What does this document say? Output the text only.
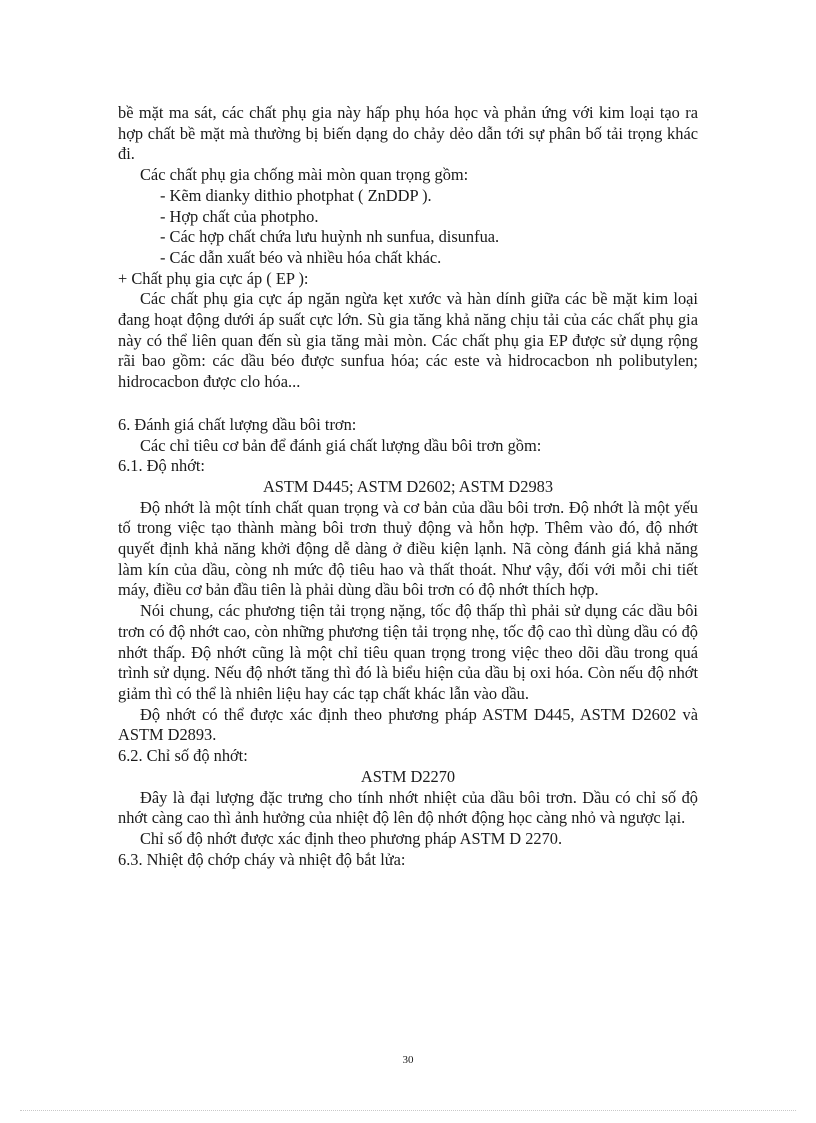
bề mặt ma sát, các chất phụ gia này hấp phụ hóa học và phản ứng với kim loại tạo ra hợp chất bề mặt mà thường bị biến dạng do chảy dẻo dẫn tới sự phân bố tải trọng khác đi.

Các chất phụ gia chống mài mòn quan trọng gồm:

- Kẽm dianky dithio photphat ( ZnDDP ).

- Hợp chất của photpho.

- Các hợp chất chứa lưu huỳnh nh sunfua, disunfua.

- Các dẫn xuất béo và nhiều hóa chất khác.

+ Chất phụ gia cực áp ( EP ):

Các chất phụ gia cực áp ngăn ngừa kẹt xước và hàn dính giữa các bề mặt kim loại đang hoạt động dưới áp suất cực lớn. Sù gia tăng khả năng chịu tải của các chất phụ gia này có thể liên quan đến sù gia tăng mài mòn. Các chất phụ gia EP được sử dụng rộng rãi bao gồm: các dầu béo được sunfua hóa; các este và hidrocacbon nh polibutylen; hidrocacbon được clo hóa...

6. Đánh giá chất lượng dầu bôi trơn:

Các chỉ tiêu cơ bản để đánh giá chất lượng dầu bôi trơn gồm:

6.1. Độ nhớt:

ASTM D445; ASTM D2602; ASTM D2983

Độ nhớt là một tính chất quan trọng và cơ bản của dầu bôi trơn. Độ nhớt là một yếu tố trong việc tạo thành màng bôi trơn thuỷ động và hỗn hợp. Thêm vào đó, độ nhớt quyết định khả năng khởi động dễ dàng ở điều kiện lạnh. Nã còng đánh giá khả năng làm kín của dầu, còng nh mức độ tiêu hao và thất thoát. Như vậy, đối với mỗi chi tiết máy, điều cơ bản đầu tiên là phải dùng dầu bôi trơn có độ nhớt thích hợp.

Nói chung, các phương tiện tải trọng nặng, tốc độ thấp thì phải sử dụng các dầu bôi trơn có độ nhớt cao, còn những phương tiện tải trọng nhẹ, tốc độ cao thì dùng dầu có độ nhớt thấp. Độ nhớt cũng là một chỉ tiêu quan trọng trong việc theo dõi dầu trong quá trình sử dụng. Nếu độ nhớt tăng thì đó là biểu hiện của dầu bị oxi hóa. Còn nếu độ nhớt giảm thì có thể là nhiên liệu hay các tạp chất khác lẫn vào dầu.

Độ nhớt có thể được xác định theo phương pháp ASTM D445, ASTM D2602 và ASTM D2893.

6.2. Chỉ số độ nhớt:

ASTM D2270

Đây là đại lượng đặc trưng cho tính nhớt nhiệt của dầu bôi trơn. Dầu có chỉ số độ nhớt càng cao thì ảnh hưởng của nhiệt độ lên độ nhớt động học càng nhỏ và ngược lại.

Chỉ số độ nhớt được xác định theo phương pháp ASTM D 2270.

6.3. Nhiệt độ chớp cháy và nhiệt độ bắt lửa:

30
